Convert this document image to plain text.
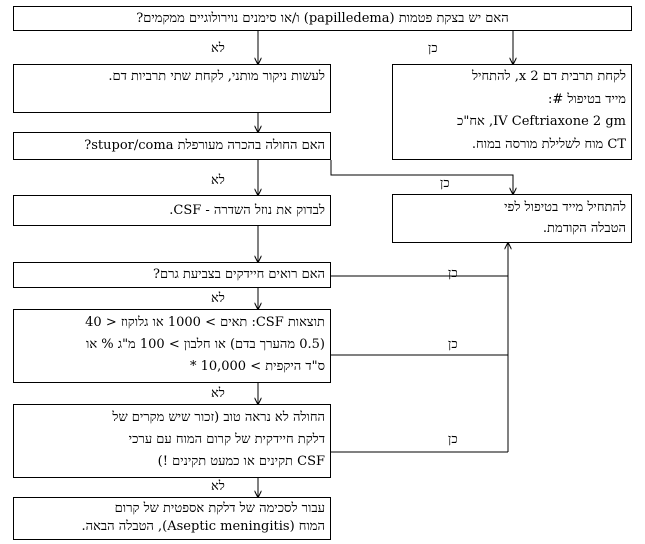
האם יש בצקת פטמות (papilledema) ו/או סימנים נוירולוגיים ממקמים?
לקחת תרבית דם 2 x, להתחיל
מייד בטיפול #:
IV Ceftriaxone 2 gm, אח"כ
CT מוח לשלילת מורסה במוח.
לעשות ניקור מותני, לקחת שתי תרביות דם.
האם החולה בהכרה מעורפלת stupor/coma?
להתחיל מייד בטיפול לפי
הטבלה הקודמת.
לבדוק את נוזל השדרה - CSF.
האם רואים חיידקים בצביעת גרם?
תוצאות CSF: תאים > 1000 או גלוקוז < 40
(0.5 מהערך בדם) או חלבון > 100 מ"ג % או
ס"ד היקפית > 10,000 *
החולה לא נראה טוב (זכור שיש מקרים של
דלקת חיידקית של קרום המוח עם ערכי
CSF תקינים או כמעט תקינים !)
עבור לסכימה של דלקת אספטית של קרום
המוח (Aseptic meningitis), הטבלה הבאה.
לא	כן
לא	כן
כן
לא
כן
לא
כן
לא
